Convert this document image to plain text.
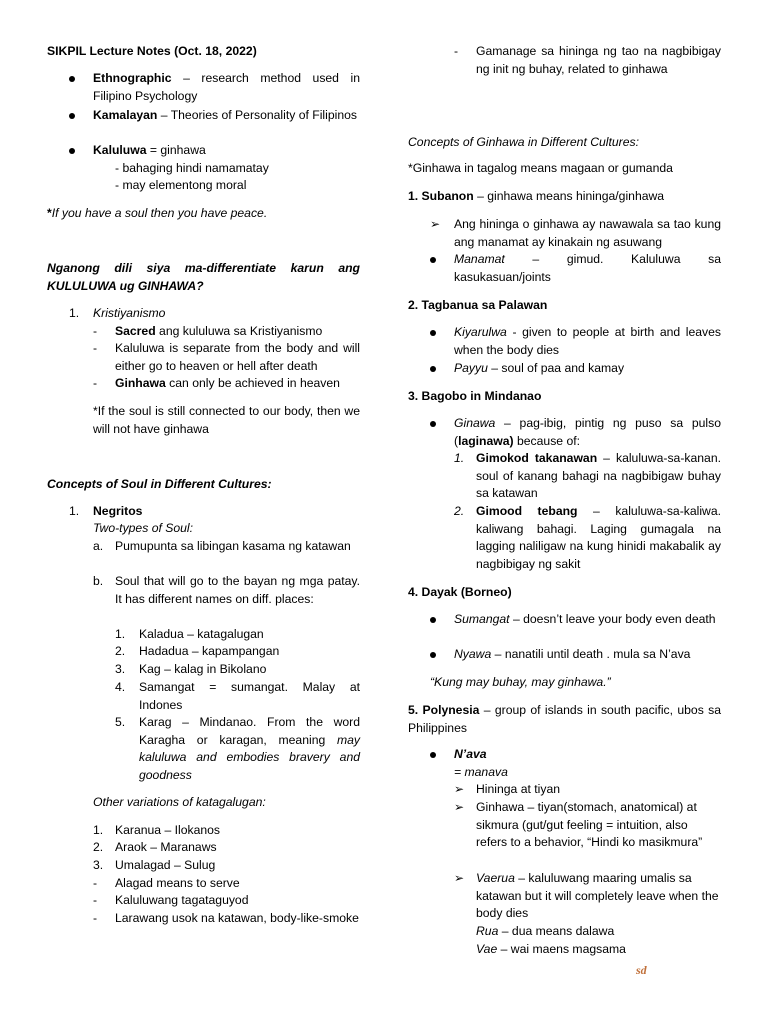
SIKPIL Lecture Notes (Oct. 18, 2022)
Ethnographic – research method used in Filipino Psychology
Kamalayan – Theories of Personality of Filipinos
Kaluluwa = ginhawa
- bahaging hindi namamatay
- may elementong moral
*If you have a soul then you have peace.
Nganong dili siya ma-differentiate karun ang KULULUWA ug GINHAWA?
1.	Kristiyanismo
-	Sacred ang kululuwa sa Kristiyanismo
-	Kaluluwa is separate from the body and will either go to heaven or hell after death
-	Ginhawa can only be achieved in heaven
*If the soul is still connected to our body, then we will not have ginhawa
Concepts of Soul in Different Cultures:
1.	Negritos
Two-types of Soul:
a. Pumupunta sa libingan kasama ng katawan
b. Soul that will go to the bayan ng mga patay. It has different names on diff. places:
1.	Kaladua – katagalugan
2.	Hadadua – kapampangan
3.	Kag – kalag in Bikolano
4.	Samangat = sumangat. Malay at Indones
5.	Karag – Mindanao. From the word Karagha or karagan, meaning may kaluluwa and embodies bravery and goodness
Other variations of katagalugan:
1. Karanua – Ilokanos
2. Araok – Maranaws
3. Umalagad – Sulug
-	Alagad means to serve
-	Kaluluwang tagataguyod
-	Larawang usok na katawan, body-like-smoke
-	Gamanage sa hininga ng tao na nagbibigay ng init ng buhay, related to ginhawa
Concepts of Ginhawa in Different Cultures:
*Ginhawa in tagalog means magaan or gumanda
1. Subanon – ginhawa means hininga/ginhawa
➢	Ang hininga o ginhawa ay nawawala sa tao kung ang manamat ay kinakain ng asuwang
Manamat – gimud. Kaluluwa sa kasukasuan/joints
2. Tagbanua sa Palawan
Kiyarulwa - given to people at birth and leaves when the body dies
Payyu – soul of paa and kamay
3. Bagobo in Mindanao
Ginawa – pag-ibig, pintig ng puso sa pulso (laginawa) because of:
1. Gimokod takanawan – kaluluwa-sa-kanan. soul of kanang bahagi na nagbibigaw buhay sa katawan
2. Gimood tebang – kaluluwa-sa-kaliwa. kaliwang bahagi. Laging gumagala na lagging naliligaw na kung hinidi makabalik ay nagbibigay ng sakit
4. Dayak (Borneo)
Sumangat – doesn’t leave your body even death
Nyawa – nanatili until death . mula sa N’ava
“Kung may buhay, may ginhawa.”
5. Polynesia – group of islands in south pacific, ubos sa Philippines
N’ava
= manava
➢ Hininga at tiyan
➢ Ginhawa – tiyan(stomach, anatomical) at sikmura (gut/gut feeling = intuition, also refers to a behavior, “Hindi ko masikmura”
➢ Vaerua – kaluluwang maaring umalis sa katawan but it will completely leave when the body dies
Rua – dua means dalawa
Vae – wai maens magsama
sd
